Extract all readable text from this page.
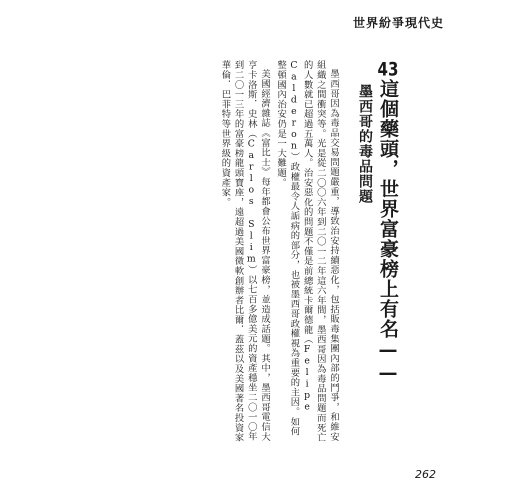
世界紛爭現代史

43這個藥頭，世界富豪榜上有名——

墨西哥的毒品問題

墨西哥因為毒品交易問題嚴重，導致治安持續惡化，包括販毒集團內部的鬥爭，和維安組織之間衝突等。光是從二〇〇六年到二〇一二年這六年間，墨西哥因為毒品問題而死亡的人數就已超過五萬人。治安惡化的問題不僅是前總統卡爾德龍（Felipe Calderon）政權最令人詬病的部分，也被墨西哥政權視為重要的主因。如何整頓國內治安仍是一大難題。

美國經濟雜誌《富比士》每年都會公布世界富豪榜，並造成話題。其中，墨西哥電信大亨卡洛斯．史林（Carlos Slim）以七百多億美元的資產穩坐二〇一〇年到二〇一三年的富豪榜龍頭寶座，遠超過美國微軟創辦者比爾．蓋茲以及美國著名投資家華倫．巴菲特等世界級的資產家。

262
